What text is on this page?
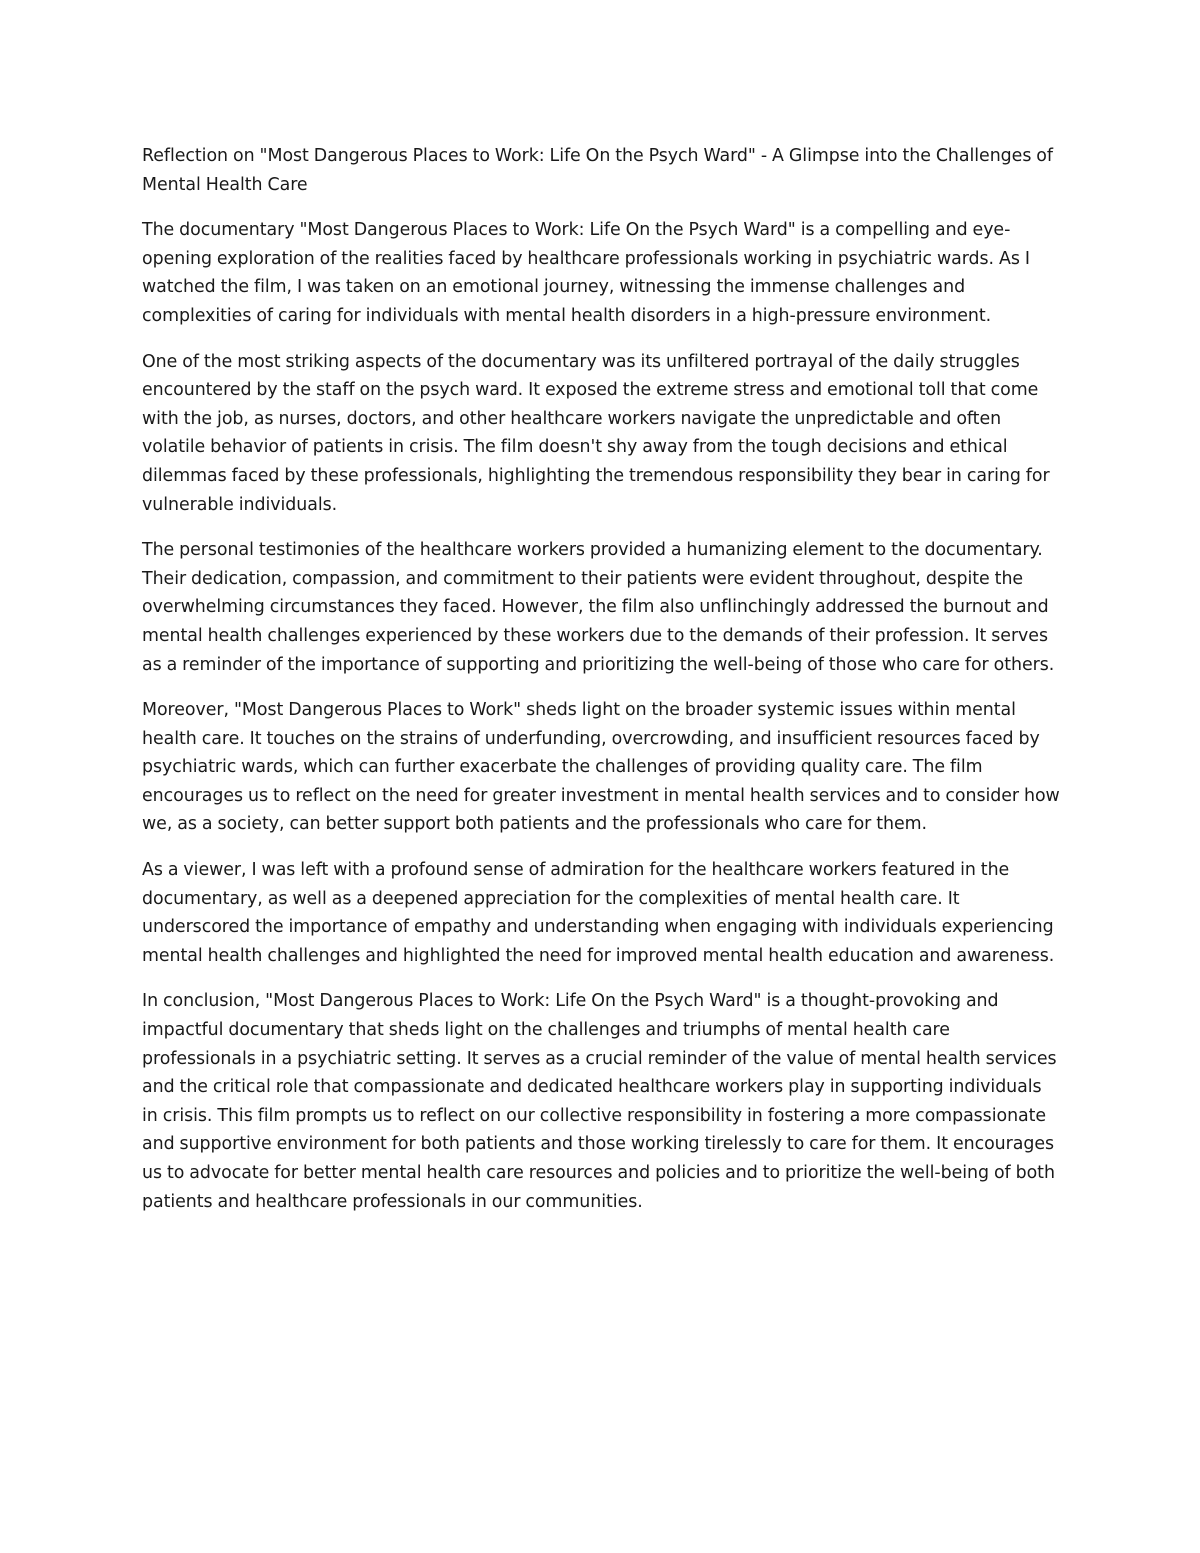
Reflection on "Most Dangerous Places to Work: Life On the Psych Ward" - A Glimpse into the Challenges of Mental Health Care

The documentary "Most Dangerous Places to Work: Life On the Psych Ward" is a compelling and eye-opening exploration of the realities faced by healthcare professionals working in psychiatric wards. As I watched the film, I was taken on an emotional journey, witnessing the immense challenges and complexities of caring for individuals with mental health disorders in a high-pressure environment.

One of the most striking aspects of the documentary was its unfiltered portrayal of the daily struggles encountered by the staff on the psych ward. It exposed the extreme stress and emotional toll that come with the job, as nurses, doctors, and other healthcare workers navigate the unpredictable and often volatile behavior of patients in crisis. The film doesn't shy away from the tough decisions and ethical dilemmas faced by these professionals, highlighting the tremendous responsibility they bear in caring for vulnerable individuals.

The personal testimonies of the healthcare workers provided a humanizing element to the documentary. Their dedication, compassion, and commitment to their patients were evident throughout, despite the overwhelming circumstances they faced. However, the film also unflinchingly addressed the burnout and mental health challenges experienced by these workers due to the demands of their profession. It serves as a reminder of the importance of supporting and prioritizing the well-being of those who care for others.

Moreover, "Most Dangerous Places to Work" sheds light on the broader systemic issues within mental health care. It touches on the strains of underfunding, overcrowding, and insufficient resources faced by psychiatric wards, which can further exacerbate the challenges of providing quality care. The film encourages us to reflect on the need for greater investment in mental health services and to consider how we, as a society, can better support both patients and the professionals who care for them.

As a viewer, I was left with a profound sense of admiration for the healthcare workers featured in the documentary, as well as a deepened appreciation for the complexities of mental health care. It underscored the importance of empathy and understanding when engaging with individuals experiencing mental health challenges and highlighted the need for improved mental health education and awareness.

In conclusion, "Most Dangerous Places to Work: Life On the Psych Ward" is a thought-provoking and impactful documentary that sheds light on the challenges and triumphs of mental health care professionals in a psychiatric setting. It serves as a crucial reminder of the value of mental health services and the critical role that compassionate and dedicated healthcare workers play in supporting individuals in crisis. This film prompts us to reflect on our collective responsibility in fostering a more compassionate and supportive environment for both patients and those working tirelessly to care for them. It encourages us to advocate for better mental health care resources and policies and to prioritize the well-being of both patients and healthcare professionals in our communities.
